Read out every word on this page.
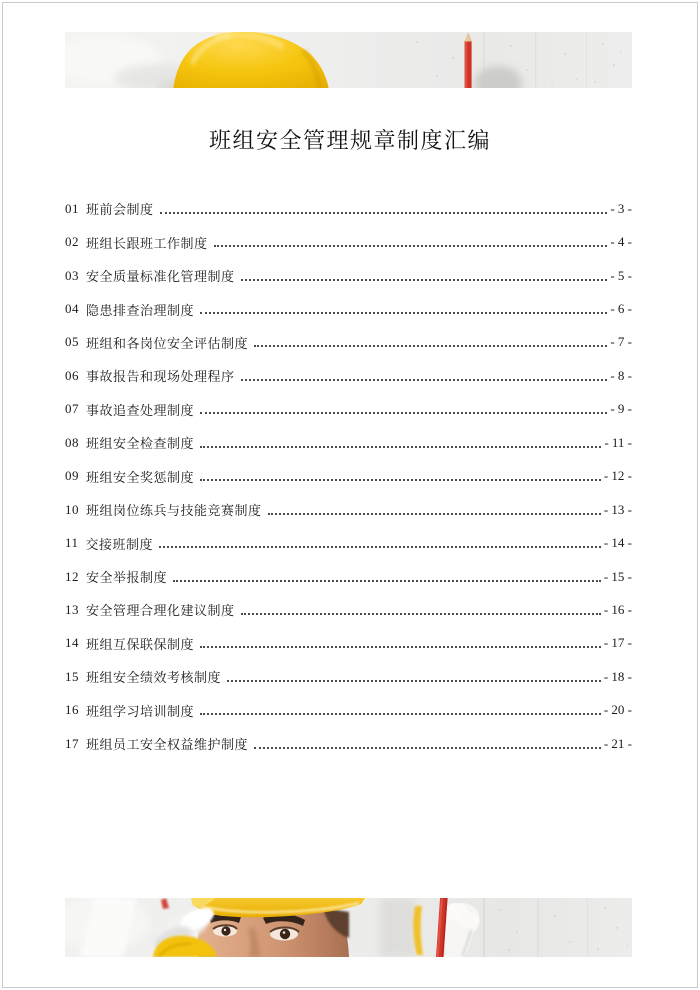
班组安全管理规章制度汇编
01 班前会制度	- 3 -
02 班组长跟班工作制度	- 4 -
03 安全质量标准化管理制度	- 5 -
04 隐患排查治理制度	- 6 -
05 班组和各岗位安全评估制度	- 7 -
06 事故报告和现场处理程序	- 8 -
07 事故追查处理制度	- 9 -
08 班组安全检查制度	- 11 -
09 班组安全奖惩制度	- 12 -
10 班组岗位练兵与技能竞赛制度	- 13 -
11 交接班制度	- 14 -
12 安全举报制度	- 15 -
13 安全管理合理化建议制度	- 16 -
14 班组互保联保制度	- 17 -
15 班组安全绩效考核制度	- 18 -
16 班组学习培训制度	- 20 -
17 班组员工安全权益维护制度	- 21 -
